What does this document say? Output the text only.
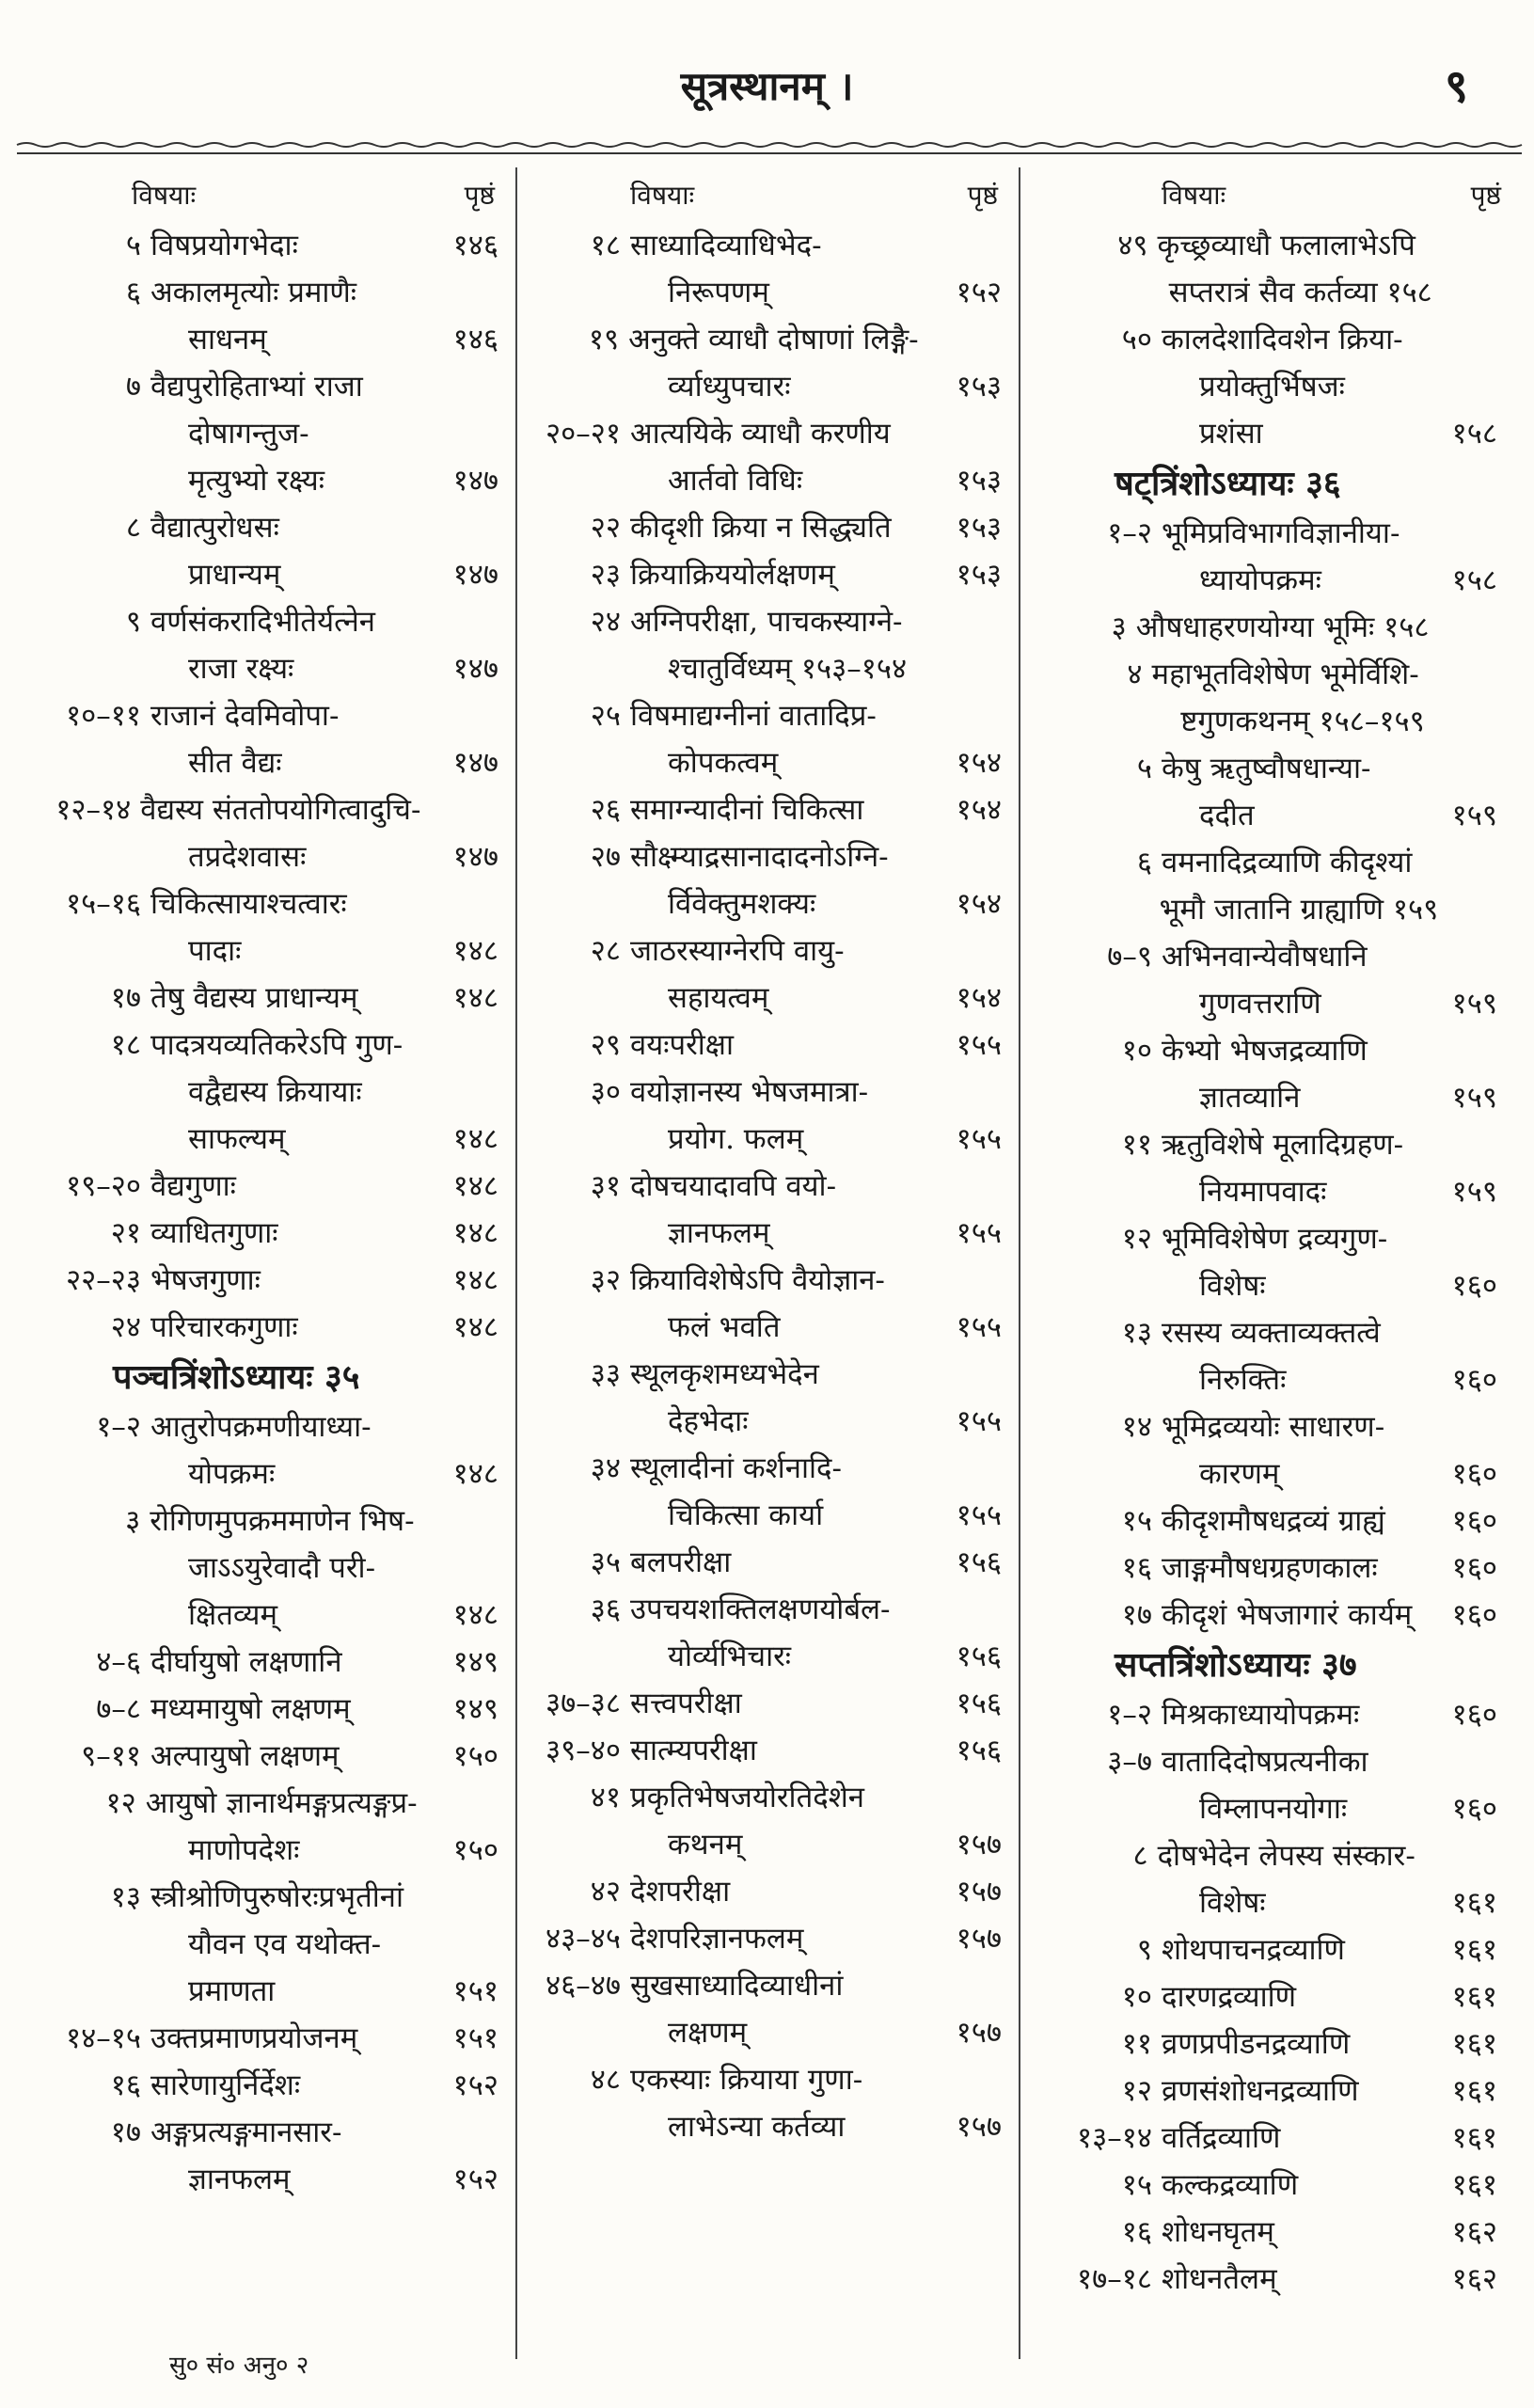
सूत्रस्थानम् ।	९
विषयाः	पृष्ठं
५ विषप्रयोगभेदाः	१४६
६ अकालमृत्योः प्रमाणैः
साधनम्	१४६
७ वैद्यपुरोहिताभ्यां राजा
दोषागन्तुज-
मृत्युभ्यो रक्ष्यः	१४७
८ वैद्यात्पुरोधसः
प्राधान्यम्	१४७
९ वर्णसंकरादिभीतेर्यत्नेन
राजा रक्ष्यः	१४७
१०–११ राजानं देवमिवोपा-
सीत वैद्यः	१४७
१२–१४ वैद्यस्य संततोपयोगित्वादुचि-
तप्रदेशवासः	१४७
१५–१६ चिकित्सायाश्चत्वारः
पादाः	१४८
१७ तेषु वैद्यस्य प्राधान्यम्	१४८
१८ पादत्रयव्यतिकरेऽपि गुण-
वद्वैद्यस्य क्रियायाः
साफल्यम्	१४८
१९–२० वैद्यगुणाः	१४८
२१ व्याधितगुणाः	१४८
२२–२३ भेषजगुणाः	१४८
२४ परिचारकगुणाः	१४८
पञ्चत्रिंशोऽध्यायः ३५
१–२ आतुरोपक्रमणीयाध्या-
योपक्रमः	१४८
३ रोगिणमुपक्रममाणेन भिष-
जाऽऽयुरेवादौ परी-
क्षितव्यम्	१४८
४–६ दीर्घायुषो लक्षणानि	१४९
७–८ मध्यमायुषो लक्षणम्	१४९
९–११ अल्पायुषो लक्षणम्	१५०
१२ आयुषो ज्ञानार्थमङ्गप्रत्यङ्गप्र-
माणोपदेशः	१५०
१३ स्त्रीश्रोणिपुरुषोरःप्रभृतीनां
यौवन एव यथोक्त-
प्रमाणता	१५१
१४–१५ उक्तप्रमाणप्रयोजनम्	१५१
१६ सारेणायुर्निर्देशः	१५२
१७ अङ्गप्रत्यङ्गमानसार-
ज्ञानफलम्	१५२
विषयाः	पृष्ठं
१८ साध्यादिव्याधिभेद-
निरूपणम्	१५२
१९ अनुक्ते व्याधौ दोषाणां लिङ्गै-
र्व्याध्युपचारः	१५३
२०–२१ आत्ययिके व्याधौ करणीय
आर्तवो विधिः	१५३
२२ कीदृशी क्रिया न सिद्ध्यति	१५३
२३ क्रियाक्रिययोर्लक्षणम्	१५३
२४ अग्निपरीक्षा, पाचकस्याग्ने-
श्चातुर्विध्यम् १५३–१५४
२५ विषमाद्यग्नीनां वातादिप्र-
कोपकत्वम्	१५४
२६ समाग्न्यादीनां चिकित्सा	१५४
२७ सौक्ष्म्याद्रसानादादनोऽग्नि-
र्विवेक्तुमशक्यः	१५४
२८ जाठरस्याग्नेरपि वायु-
सहायत्वम्	१५४
२९ वयःपरीक्षा	१५५
३० वयोज्ञानस्य भेषजमात्रा-
प्रयोग. फलम्	१५५
३१ दोषचयादावपि वयो-
ज्ञानफलम्	१५५
३२ क्रियाविशेषेऽपि वैयोज्ञान-
फलं भवति	१५५
३३ स्थूलकृशमध्यभेदेन
देहभेदाः	१५५
३४ स्थूलादीनां कर्शनादि-
चिकित्सा कार्या	१५५
३५ बलपरीक्षा	१५६
३६ उपचयशक्तिलक्षणयोर्बल-
योर्व्यभिचारः	१५६
३७–३८ सत्त्वपरीक्षा	१५६
३९–४० सात्म्यपरीक्षा	१५६
४१ प्रकृतिभेषजयोरतिदेशेन
कथनम्	१५७
४२ देशपरीक्षा	१५७
४३–४५ देशपरिज्ञानफलम्	१५७
४६–४७ सुखसाध्यादिव्याधीनां
लक्षणम्	१५७
४८ एकस्याः क्रियाया गुणा-
लाभेऽन्या कर्तव्या	१५७
विषयाः	पृष्ठं
४९ कृच्छ्रव्याधौ फलालाभेऽपि
सप्तरात्रं सैव कर्तव्या १५८
५० कालदेशादिवशेन क्रिया-
प्रयोक्तुर्भिषजः
प्रशंसा	१५८
षट्त्रिंशोऽध्यायः ३६
१–२ भूमिप्रविभागविज्ञानीया-
ध्यायोपक्रमः	१५८
३ औषधाहरणयोग्या भूमिः १५८
४ महाभूतविशेषेण भूमेर्विशि-
ष्टगुणकथनम् १५८–१५९
५ केषु ऋतुष्वौषधान्या-
ददीत	१५९
६ वमनादिद्रव्याणि कीदृश्यां
भूमौ जातानि ग्राह्याणि १५९
७–९ अभिनवान्येवौषधानि
गुणवत्तराणि	१५९
१० केभ्यो भेषजद्रव्याणि
ज्ञातव्यानि	१५९
११ ऋतुविशेषे मूलादिग्रहण-
नियमापवादः	१५९
१२ भूमिविशेषेण द्रव्यगुण-
विशेषः	१६०
१३ रसस्य व्यक्ताव्यक्तत्वे
निरुक्तिः	१६०
१४ भूमिद्रव्ययोः साधारण-
कारणम्	१६०
१५ कीदृशमौषधद्रव्यं ग्राह्यं	१६०
१६ जाङ्गमौषधग्रहणकालः	१६०
१७ कीदृशं भेषजागारं कार्यम्	१६०
सप्तत्रिंशोऽध्यायः ३७
१–२ मिश्रकाध्यायोपक्रमः	१६०
३–७ वातादिदोषप्रत्यनीका
विम्लापनयोगाः	१६०
८ दोषभेदेन लेपस्य संस्कार-
विशेषः	१६१
९ शोथपाचनद्रव्याणि	१६१
१० दारणद्रव्याणि	१६१
११ व्रणप्रपीडनद्रव्याणि	१६१
१२ व्रणसंशोधनद्रव्याणि	१६१
१३–१४ वर्तिद्रव्याणि	१६१
१५ कल्कद्रव्याणि	१६१
१६ शोधनघृतम्	१६२
१७–१८ शोधनतैलम्	१६२
सु० सं० अनु० २
